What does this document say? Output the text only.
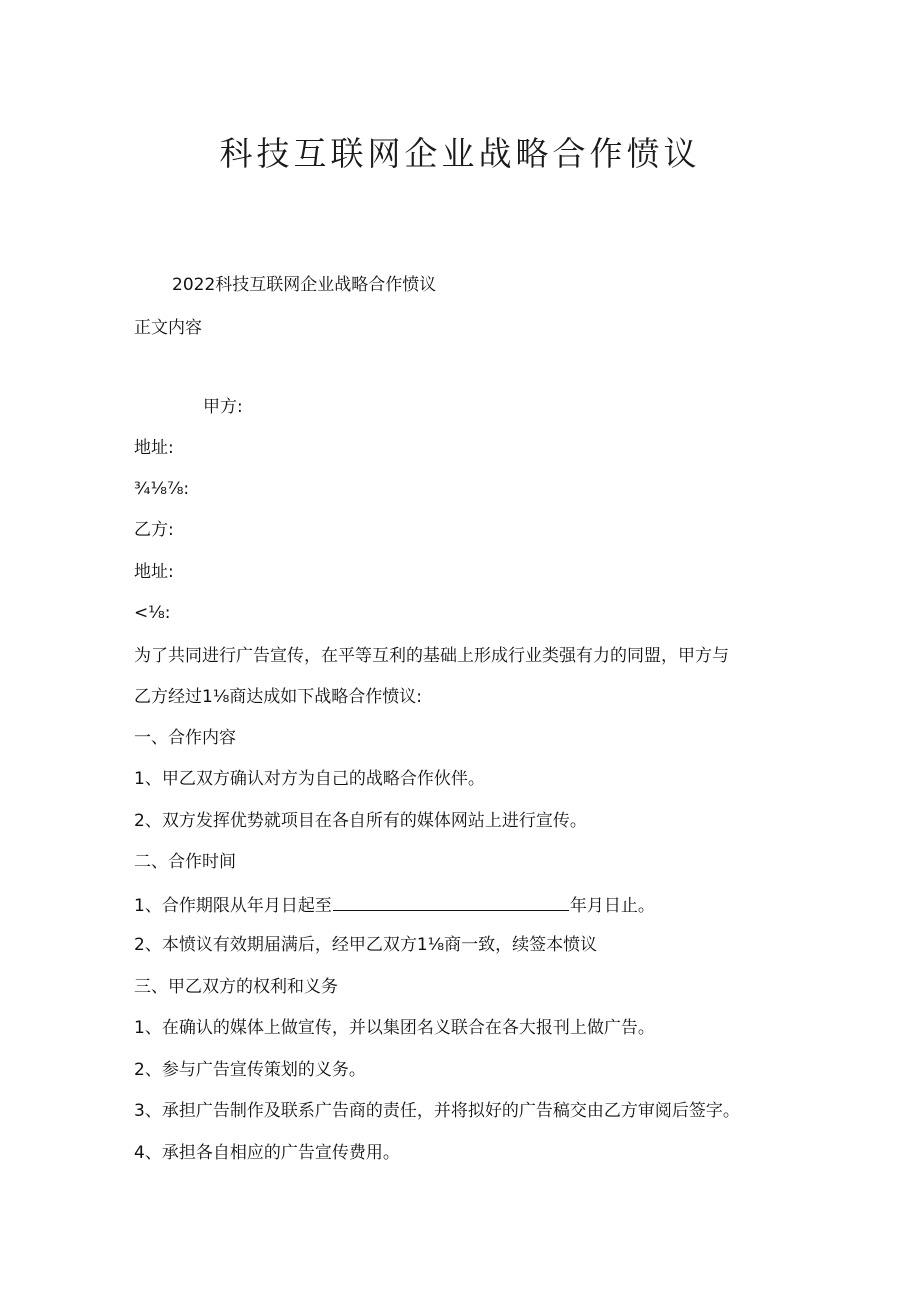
科技互联网企业战略合作愤议
2022科技互联网企业战略合作愤议
正文内容
甲方:
地址:
¾⅛⅞:
乙方:
地址:
<⅛:
为了共同进行广告宣传，在平等互利的基础上形成行业类强有力的同盟，甲方与
乙方经过1⅛商达成如下战略合作愤议:
一、合作内容
1、甲乙双方确认对方为自己的战略合作伙伴。
2、双方发挥优势就项目在各自所有的媒体网站上进行宣传。
二、合作时间
1、合作期限从年月日起至	年月日止。
2、本愤议有效期届满后，经甲乙双方1⅛商一致，续签本愤议
三、甲乙双方的权利和义务
1、在确认的媒体上做宣传，并以集团名义联合在各大报刊上做广告。
2、参与广告宣传策划的义务。
3、承担广告制作及联系广告商的责任，并将拟好的广告稿交由乙方审阅后签字。
4、承担各自相应的广告宣传费用。
